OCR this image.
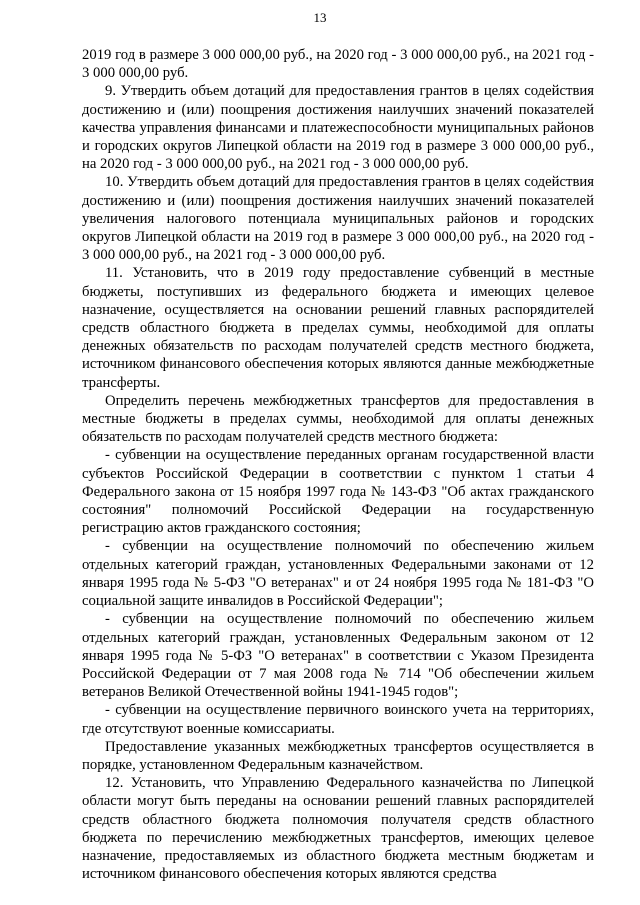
13

2019 год в размере 3 000 000,00 руб., на 2020 год - 3 000 000,00 руб., на 2021 год - 3 000 000,00 руб.

9. Утвердить объем дотаций для предоставления грантов в целях содействия достижению и (или) поощрения достижения наилучших значений показателей качества управления финансами и платежеспособности муниципальных районов и городских округов Липецкой области на 2019 год в размере 3 000 000,00 руб., на 2020 год - 3 000 000,00 руб., на 2021 год - 3 000 000,00 руб.

10. Утвердить объем дотаций для предоставления грантов в целях содействия достижению и (или) поощрения достижения наилучших значений показателей увеличения налогового потенциала муниципальных районов и городских округов Липецкой области на 2019 год в размере 3 000 000,00 руб., на 2020 год - 3 000 000,00 руб., на 2021 год - 3 000 000,00 руб.

11. Установить, что в 2019 году предоставление субвенций в местные бюджеты, поступивших из федерального бюджета и имеющих целевое назначение, осуществляется на основании решений главных распорядителей средств областного бюджета в пределах суммы, необходимой для оплаты денежных обязательств по расходам получателей средств местного бюджета, источником финансового обеспечения которых являются данные межбюджетные трансферты.

Определить перечень межбюджетных трансфертов для предоставления в местные бюджеты в пределах суммы, необходимой для оплаты денежных обязательств по расходам получателей средств местного бюджета:

- субвенции на осуществление переданных органам государственной власти субъектов Российской Федерации в соответствии с пунктом 1 статьи 4 Федерального закона от 15 ноября 1997 года № 143-ФЗ "Об актах гражданского состояния" полномочий Российской Федерации на государственную регистрацию актов гражданского состояния;

- субвенции на осуществление полномочий по обеспечению жильем отдельных категорий граждан, установленных Федеральными законами от 12 января 1995 года № 5-ФЗ "О ветеранах" и от 24 ноября 1995 года № 181-ФЗ "О социальной защите инвалидов в Российской Федерации";

- субвенции на осуществление полномочий по обеспечению жильем отдельных категорий граждан, установленных Федеральным законом от 12 января 1995 года № 5-ФЗ "О ветеранах" в соответствии с Указом Президента Российской Федерации от 7 мая 2008 года № 714 "Об обеспечении жильем ветеранов Великой Отечественной войны 1941-1945 годов";

- субвенции на осуществление первичного воинского учета на территориях, где отсутствуют военные комиссариаты.

Предоставление указанных межбюджетных трансфертов осуществляется в порядке, установленном Федеральным казначейством.

12. Установить, что Управлению Федерального казначейства по Липецкой области могут быть переданы на основании решений главных распорядителей средств областного бюджета полномочия получателя средств областного бюджета по перечислению межбюджетных трансфертов, имеющих целевое назначение, предоставляемых из областного бюджета местным бюджетам и источником финансового обеспечения которых являются средства
